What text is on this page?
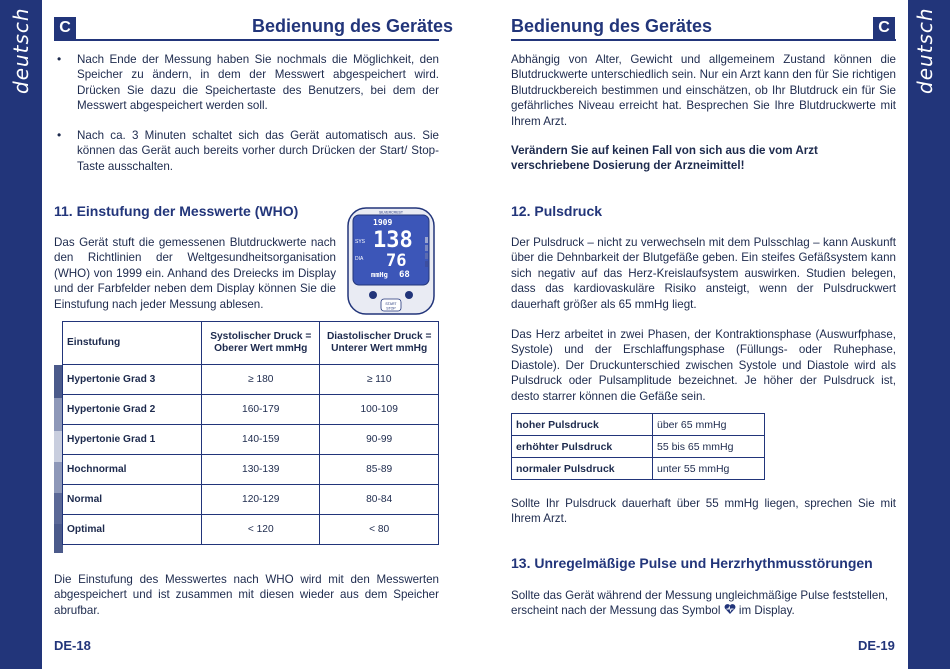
deutsch	deutsch
C	Bedienung des Gerätes
• Nach Ende der Messung haben Sie nochmals die Möglichkeit, den Speicher zu ändern, in dem der Messwert abgespeichert wird. Drücken Sie dazu die Speichertaste des Benutzers, bei dem der Messwert abgespeichert werden soll.
• Nach ca. 3 Minuten schaltet sich das Gerät automatisch aus. Sie können das Gerät auch bereits vorher durch Drücken der Start/ Stop-Taste ausschalten.
11. Einstufung der Messwerte (WHO)
Das Gerät stuft die gemessenen Blutdruckwerte nach den Richtlinien der Weltgesundheitsorganisation (WHO) von 1999 ein. Anhand des Dreiecks im Display und der Farbfelder neben dem Display können Sie die Einstufung nach jeder Messung ablesen.
SILVERCREST
1909
SYS
DIA
138
76
mmHg 68
START
STOP
Einstufung	Systolischer Druck = Oberer Wert mmHg	Diastolischer Druck = Unterer Wert mmHg
Hypertonie Grad 3	≥ 180	≥ 110
Hypertonie Grad 2	160-179	100-109
Hypertonie Grad 1	140-159	90-99
Hochnormal	130-139	85-89
Normal	120-129	80-84
Optimal	< 120	< 80
Die Einstufung des Messwertes nach WHO wird mit den Messwerten abgespeichert und ist zusammen mit diesen wieder aus dem Speicher abrufbar.
DE-18
Bedienung des Gerätes	C
Abhängig von Alter, Gewicht und allgemeinem Zustand können die Blutdruckwerte unterschiedlich sein. Nur ein Arzt kann den für Sie richtigen Blutdruckbereich bestimmen und einschätzen, ob Ihr Blutdruck ein für Sie gefährliches Niveau erreicht hat. Besprechen Sie Ihre Blutdruckwerte mit Ihrem Arzt.
Verändern Sie auf keinen Fall von sich aus die vom Arzt verschriebene Dosierung der Arzneimittel!
12. Pulsdruck
Der Pulsdruck – nicht zu verwechseln mit dem Pulsschlag – kann Auskunft über die Dehnbarkeit der Blutgefäße geben. Ein steifes Gefäßsystem kann sich negativ auf das Herz-Kreislaufsystem auswirken. Studien belegen, dass das kardiovaskuläre Risiko ansteigt, wenn der Pulsdruckwert dauerhaft größer als 65 mmHg liegt.
Das Herz arbeitet in zwei Phasen, der Kontraktionsphase (Auswurfphase, Systole) und der Erschlaffungsphase (Füllungs- oder Ruhephase, Diastole). Der Druckunterschied zwischen Systole und Diastole wird als Pulsdruck oder Pulsamplitude bezeichnet. Je höher der Pulsdruck ist, desto starrer können die Gefäße sein.
hoher Pulsdruck	über 65 mmHg
erhöhter Pulsdruck	55 bis 65 mmHg
normaler Pulsdruck	unter 55 mmHg
Sollte Ihr Pulsdruck dauerhaft über 55 mmHg liegen, sprechen Sie mit Ihrem Arzt.
13. Unregelmäßige Pulse und Herzrhythmusstörungen
Sollte das Gerät während der Messung ungleichmäßige Pulse feststellen, erscheint nach der Messung das Symbol im Display.
DE-19
